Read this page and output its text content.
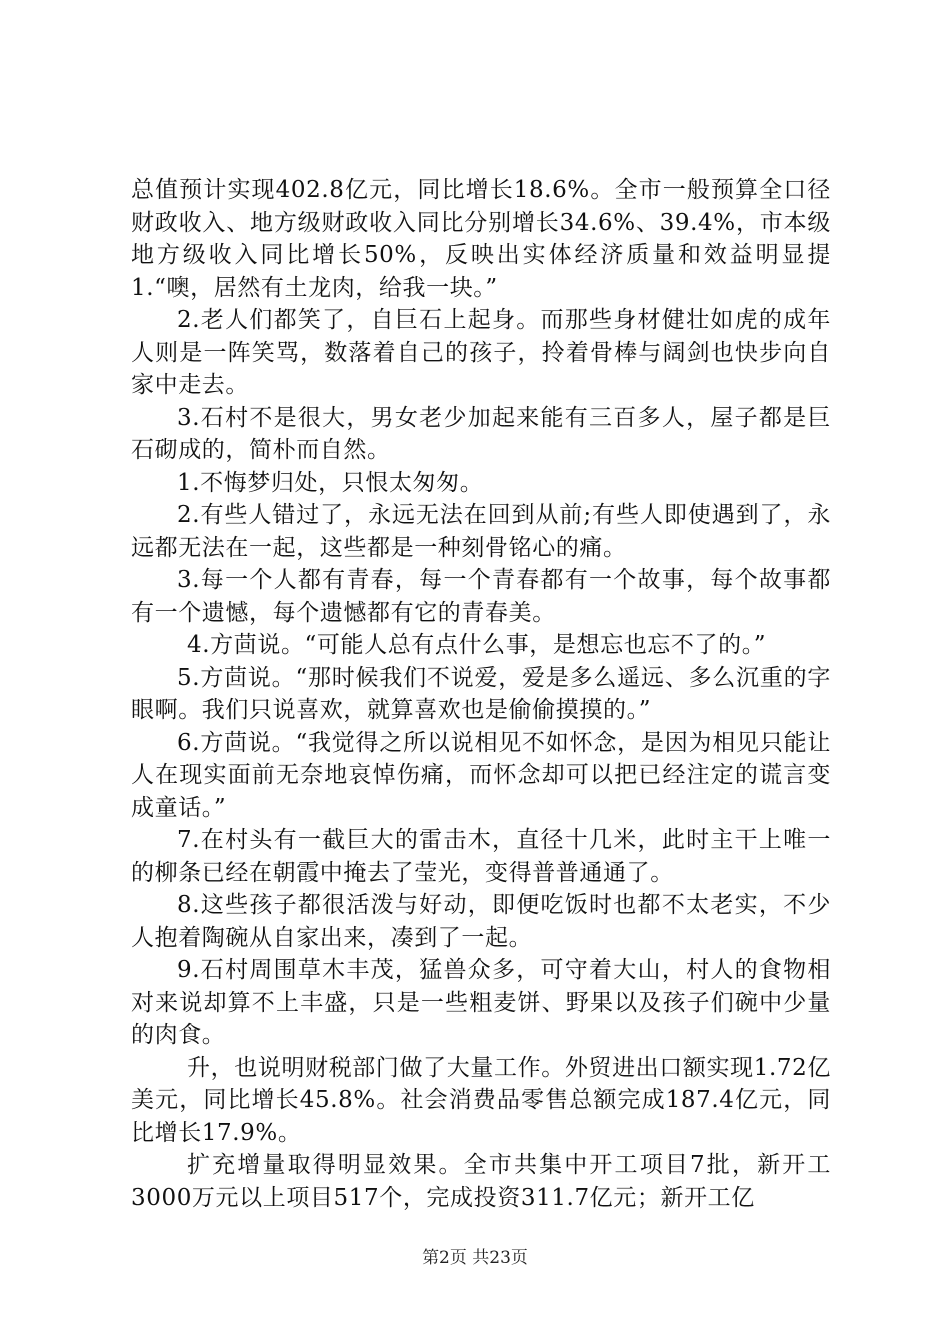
总值预计实现402.8亿元，同比增长18.6%。全市一般预算全口径财政收入、地方级财政收入同比分别增长34.6%、39.4%，市本级地方级收入同比增长50%，反映出实体经济质量和效益明显提1.“噢，居然有土龙肉，给我一块。”

2.老人们都笑了，自巨石上起身。而那些身材健壮如虎的成年人则是一阵笑骂，数落着自己的孩子，拎着骨棒与阔剑也快步向自家中走去。

3.石村不是很大，男女老少加起来能有三百多人，屋子都是巨石砌成的，简朴而自然。

1.不悔梦归处，只恨太匆匆。

2.有些人错过了，永远无法在回到从前;有些人即使遇到了，永远都无法在一起，这些都是一种刻骨铭心的痛。

3.每一个人都有青春，每一个青春都有一个故事，每个故事都有一个遗憾，每个遗憾都有它的青春美。

4.方茴说。“可能人总有点什么事，是想忘也忘不了的。”

5.方茴说。“那时候我们不说爱，爱是多么遥远、多么沉重的字眼啊。我们只说喜欢，就算喜欢也是偷偷摸摸的。”

6.方茴说。“我觉得之所以说相见不如怀念，是因为相见只能让人在现实面前无奈地哀悼伤痛，而怀念却可以把已经注定的谎言变成童话。”

7.在村头有一截巨大的雷击木，直径十几米，此时主干上唯一的柳条已经在朝霞中掩去了莹光，变得普普通通了。

8.这些孩子都很活泼与好动，即便吃饭时也都不太老实，不少人抱着陶碗从自家出来，凑到了一起。

9.石村周围草木丰茂，猛兽众多，可守着大山，村人的食物相对来说却算不上丰盛，只是一些粗麦饼、野果以及孩子们碗中少量的肉食。

升，也说明财税部门做了大量工作。外贸进出口额实现1.72亿美元，同比增长45.8%。社会消费品零售总额完成187.4亿元，同比增长17.9%。

扩充增量取得明显效果。全市共集中开工项目7批，新开工3000万元以上项目517个，完成投资311.7亿元；新开工亿

第2页 共23页
